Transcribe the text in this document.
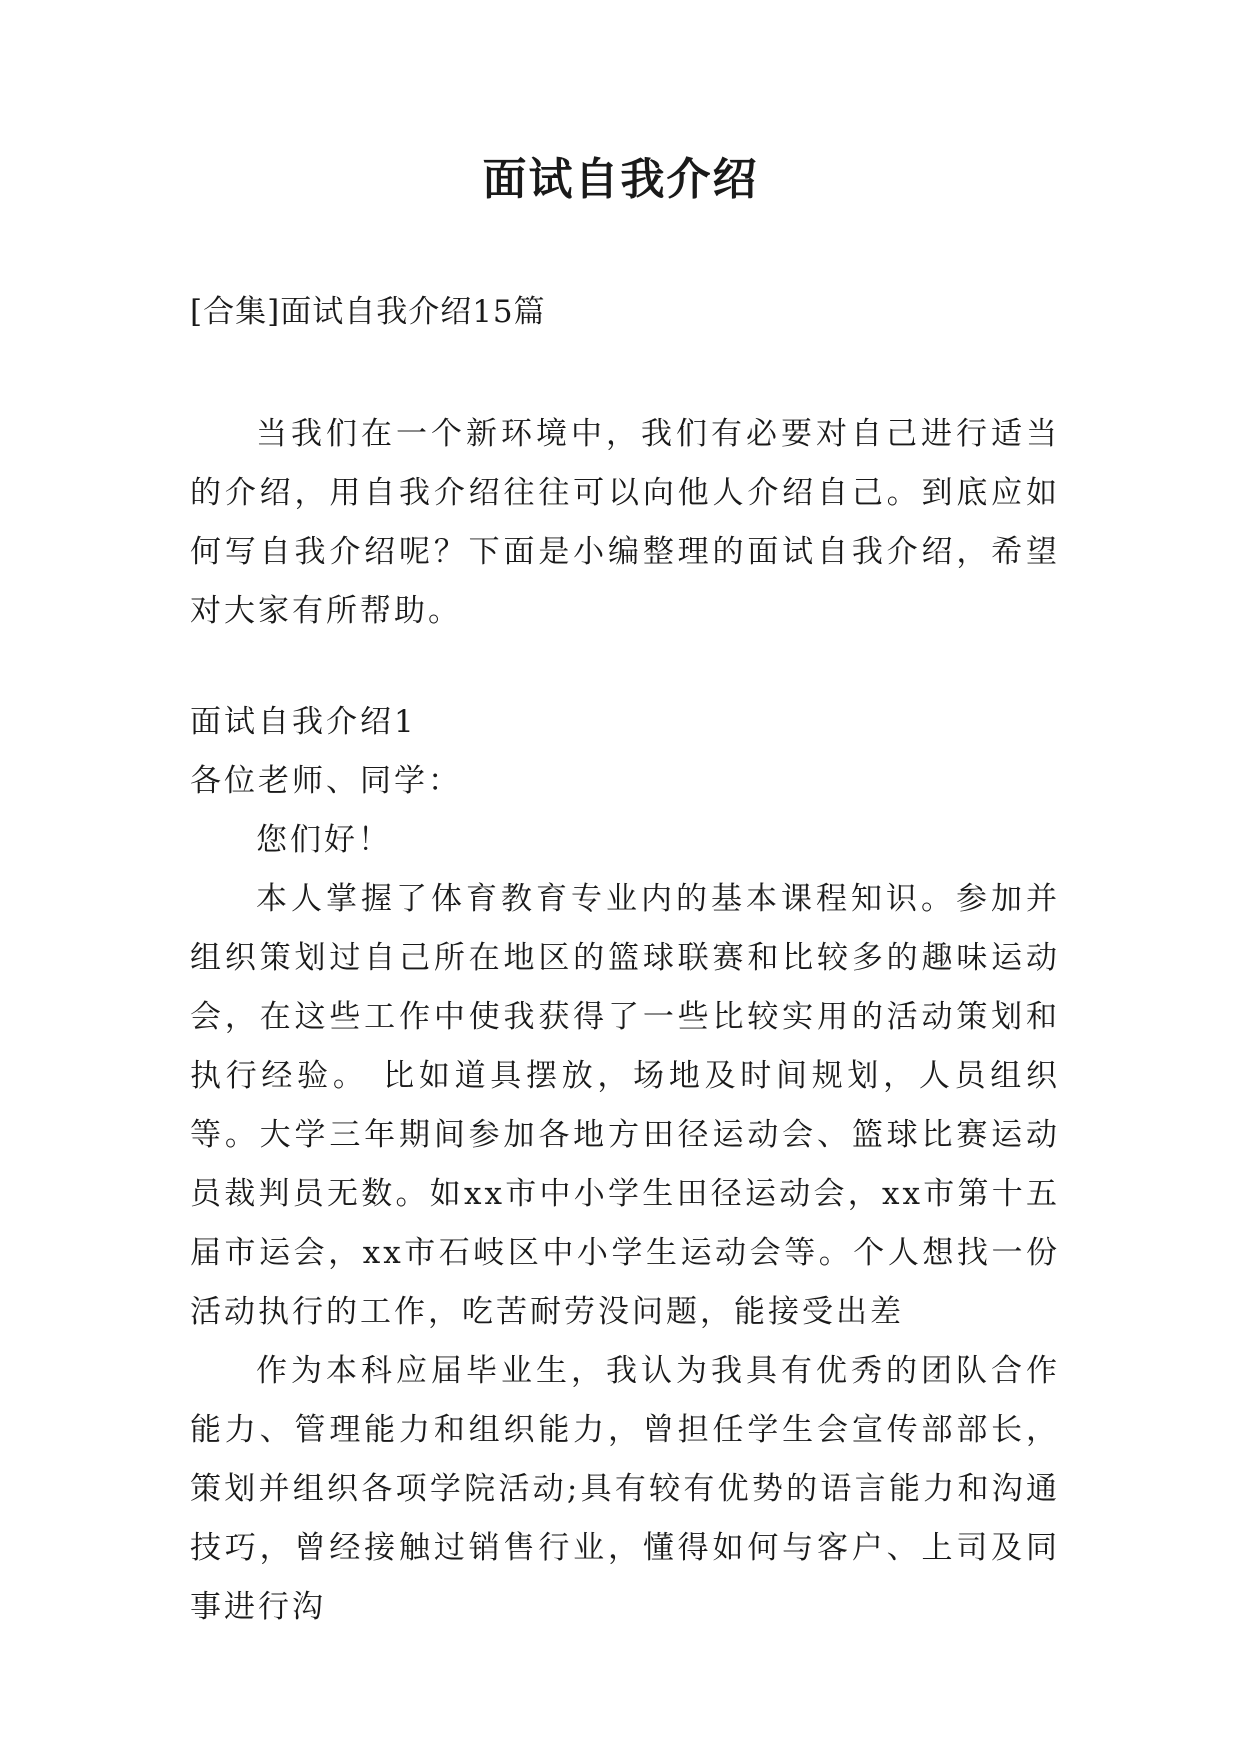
面试自我介绍
[合集]面试自我介绍15篇
当我们在一个新环境中，我们有必要对自己进行适当的介绍，用自我介绍往往可以向他人介绍自己。到底应如何写自我介绍呢？下面是小编整理的面试自我介绍，希望对大家有所帮助。

面试自我介绍1

各位老师、同学：

您们好！

本人掌握了体育教育专业内的基本课程知识。参加并组织策划过自己所在地区的篮球联赛和比较多的趣味运动会，在这些工作中使我获得了一些比较实用的活动策划和执行经验。 比如道具摆放，场地及时间规划，人员组织等。大学三年期间参加各地方田径运动会、篮球比赛运动员裁判员无数。如xx市中小学生田径运动会，xx市第十五届市运会，xx市石岐区中小学生运动会等。个人想找一份活动执行的工作，吃苦耐劳没问题，能接受出差

作为本科应届毕业生，我认为我具有优秀的团队合作能力、管理能力和组织能力，曾担任学生会宣传部部长，策划并组织各项学院活动;具有较有优势的语言能力和沟通技巧，曾经接触过销售行业，懂得如何与客户、上司及同事进行沟
